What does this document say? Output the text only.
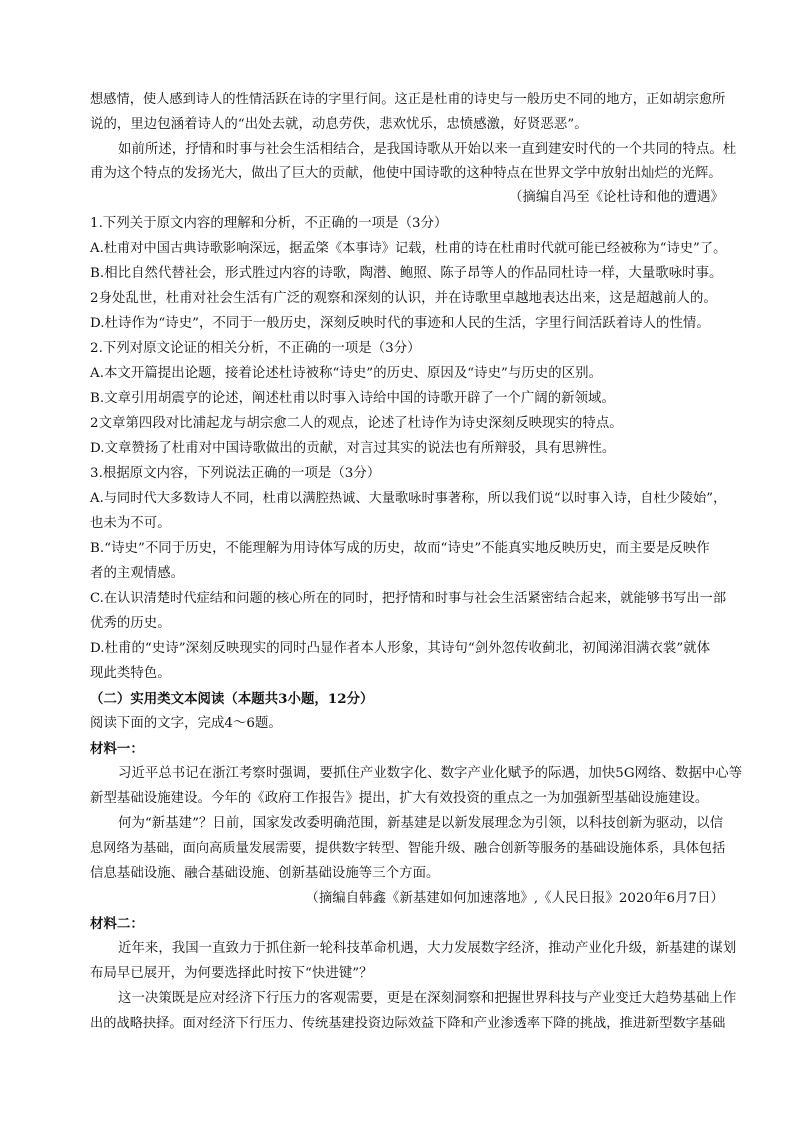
想感情，使人感到诗人的性情活跃在诗的字里行间。这正是杜甫的诗史与一般历史不同的地方，正如胡宗愈所
说的，里边包涵着诗人的“出处去就，动息劳佚，悲欢忧乐，忠愤感激，好贤恶恶”。
如前所述，抒情和时事与社会生活相结合，是我国诗歌从开始以来一直到建安时代的一个共同的特点。杜
甫为这个特点的发扬光大，做出了巨大的贡献，他使中国诗歌的这种特点在世界文学中放射出灿烂的光辉。
（摘编自冯至《论杜诗和他的遭遇》
1.下列关于原文内容的理解和分析，不正确的一项是（3分）
A.杜甫对中国古典诗歌影响深远，据孟棨《本事诗》记载，杜甫的诗在杜甫时代就可能已经被称为“诗史”了。
B.相比自然代替社会，形式胜过内容的诗歌，陶潜、鲍照、陈子昂等人的作品同杜诗一样，大量歌咏时事。
2身处乱世，杜甫对社会生活有广泛的观察和深刻的认识，并在诗歌里卓越地表达出来，这是超越前人的。
D.杜诗作为“诗史”，不同于一般历史，深刻反映时代的事迹和人民的生活，字里行间活跃着诗人的性情。
2.下列对原文论证的相关分析，不正确的一项是（3分）
A.本文开篇提出论题，接着论述杜诗被称“诗史”的历史、原因及“诗史”与历史的区别。
B.文章引用胡震亨的论述，阐述杜甫以时事入诗给中国的诗歌开辟了一个广阔的新领域。
2文章第四段对比浦起龙与胡宗愈二人的观点，论述了杜诗作为诗史深刻反映现实的特点。
D.文章赞扬了杜甫对中国诗歌做出的贡献，对言过其实的说法也有所辩驳，具有思辨性。
3.根据原文内容，下列说法正确的一项是（3分）
A.与同时代大多数诗人不同，杜甫以满腔热诚、大量歌咏时事著称，所以我们说“以时事入诗，自杜少陵始”，
也未为不可。
B.“诗史”不同于历史，不能理解为用诗体写成的历史，故而“诗史”不能真实地反映历史，而主要是反映作
者的主观情感。
C.在认识清楚时代症结和问题的核心所在的同时，把抒情和时事与社会生活紧密结合起来，就能够书写出一部
优秀的历史。
D.杜甫的“史诗”深刻反映现实的同时凸显作者本人形象，其诗句“剑外忽传收蓟北，初闻涕泪满衣裳”就体
现此类特色。
（二）实用类文本阅读（本题共3小题，12分）
阅读下面的文字，完成4～6题。
材料一：
习近平总书记在浙江考察时强调，要抓住产业数字化、数字产业化赋予的际遇，加快5G网络、数据中心等
新型基础设施建设。今年的《政府工作报告》提出，扩大有效投资的重点之一为加强新型基础设施建设。
何为“新基建”？日前，国家发改委明确范围，新基建是以新发展理念为引领，以科技创新为驱动，以信
息网络为基础，面向高质量发展需要，提供数字转型、智能升级、融合创新等服务的基础设施体系，具体包括
信息基础设施、融合基础设施、创新基础设施等三个方面。
（摘编自韩鑫《新基建如何加速落地》,《人民日报》2020年6月7日）
材料二：
近年来，我国一直致力于抓住新一轮科技革命机遇，大力发展数字经济，推动产业化升级，新基建的谋划
布局早已展开，为何要选择此时按下“快进键”？
这一决策既是应对经济下行压力的客观需要，更是在深刻洞察和把握世界科技与产业变迁大趋势基础上作
出的战略抉择。面对经济下行压力、传统基建投资边际效益下降和产业渗透率下降的挑战，推进新型数字基础
